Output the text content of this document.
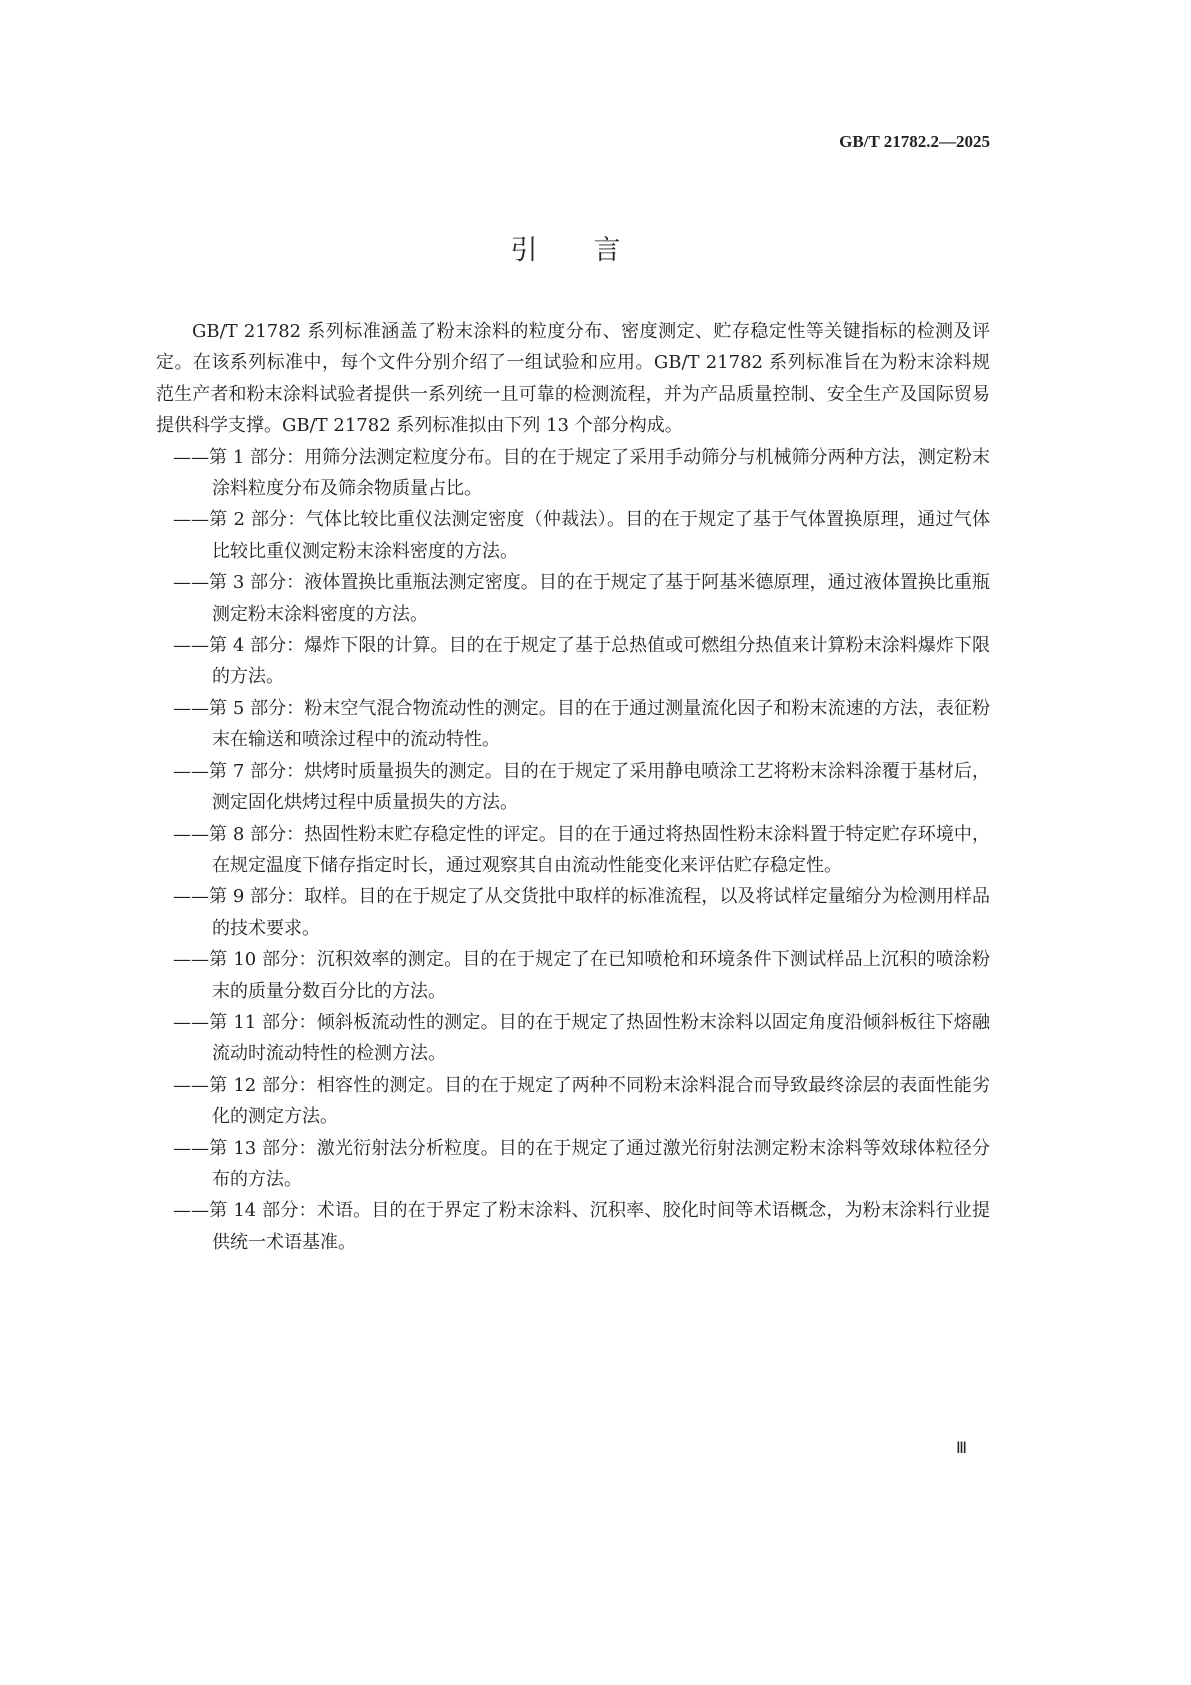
GB/T 21782.2—2025
引言

GB/T 21782 系列标准涵盖了粉末涂料的粒度分布、密度测定、贮存稳定性等关键指标的检测及评定。在该系列标准中，每个文件分别介绍了一组试验和应用。GB/T 21782 系列标准旨在为粉末涂料规范生产者和粉末涂料试验者提供一系列统一且可靠的检测流程，并为产品质量控制、安全生产及国际贸易提供科学支撑。GB/T 21782 系列标准拟由下列 13 个部分构成。

——第 1 部分：用筛分法测定粒度分布。目的在于规定了采用手动筛分与机械筛分两种方法，测定粉末涂料粒度分布及筛余物质量占比。

——第 2 部分：气体比较比重仪法测定密度（仲裁法）。目的在于规定了基于气体置换原理，通过气体比较比重仪测定粉末涂料密度的方法。

——第 3 部分：液体置换比重瓶法测定密度。目的在于规定了基于阿基米德原理，通过液体置换比重瓶测定粉末涂料密度的方法。

——第 4 部分：爆炸下限的计算。目的在于规定了基于总热值或可燃组分热值来计算粉末涂料爆炸下限的方法。

——第 5 部分：粉末空气混合物流动性的测定。目的在于通过测量流化因子和粉末流速的方法，表征粉末在输送和喷涂过程中的流动特性。

——第 7 部分：烘烤时质量损失的测定。目的在于规定了采用静电喷涂工艺将粉末涂料涂覆于基材后，测定固化烘烤过程中质量损失的方法。

——第 8 部分：热固性粉末贮存稳定性的评定。目的在于通过将热固性粉末涂料置于特定贮存环境中，在规定温度下储存指定时长，通过观察其自由流动性能变化来评估贮存稳定性。

——第 9 部分：取样。目的在于规定了从交货批中取样的标准流程，以及将试样定量缩分为检测用样品的技术要求。

——第 10 部分：沉积效率的测定。目的在于规定了在已知喷枪和环境条件下测试样品上沉积的喷涂粉末的质量分数百分比的方法。

——第 11 部分：倾斜板流动性的测定。目的在于规定了热固性粉末涂料以固定角度沿倾斜板往下熔融流动时流动特性的检测方法。

——第 12 部分：相容性的测定。目的在于规定了两种不同粉末涂料混合而导致最终涂层的表面性能劣化的测定方法。

——第 13 部分：激光衍射法分析粒度。目的在于规定了通过激光衍射法测定粉末涂料等效球体粒径分布的方法。

——第 14 部分：术语。目的在于界定了粉末涂料、沉积率、胶化时间等术语概念，为粉末涂料行业提供统一术语基准。

Ⅲ
